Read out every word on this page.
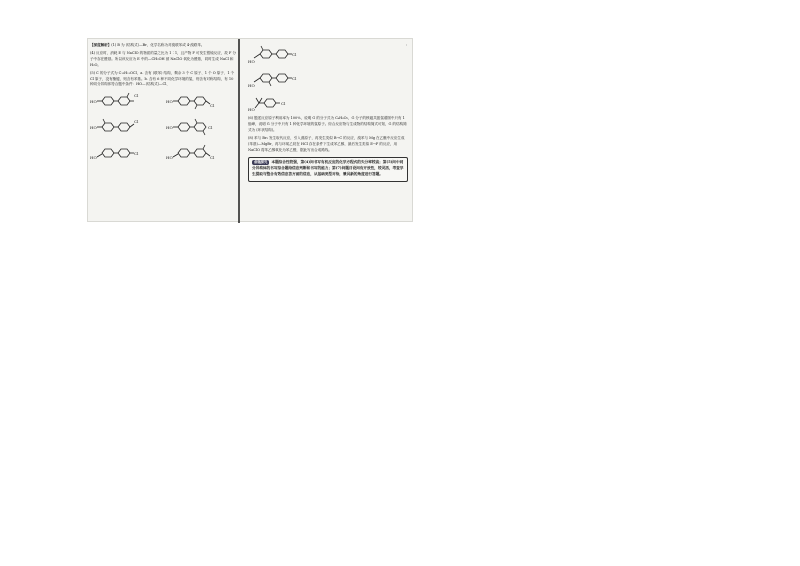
【深度解析】(1) B 为 ⟨结构式⟩—Br，化学名称为对溴联苯或 4-溴联苯。

(4) 反应时，消耗 E 与 NaClO 的物质的量之比为 1∶1，且产物 F 可发生银镜反应，故 F 分子中存在醛基。所以该反应为 E 中的—CH₂OH 被 NaClO 氧化为醛基，同时生成 NaCl 和 H₂O。

(5) C 的分子式为 C₁₃H₁₁OCl，a. 含有 ⟨联苯⟩ 结构，剩余 3 个 C 原子、1 个 O 原子、1 个 Cl 原子，没有酯键，则含有苯基。b. 含有 6 种不同化学环境的氢，则含有对称结构，有 10 种同分异构体符合题中条件：HO—⟨结构式⟩—Cl、

HO
Cl
HO
Cl
HO
Cl
HO	Cl
HO
Cl
HO	Cl
Cl
HO
Cl
HO
HO
Cl

(6) 题述反应原子利用率为 100%，说明 G 的分子式为 C₆H₈O₂，G 分子的核磁共振氢谱图中只有 1 组峰，说明 G 分子中只有 1 种化学环境的氢原子。综合反应物与生成物的结构简式可知，G 的结构简式为 ⟨环状结构⟩。

(8) 苯与 Br₂ 发生取代反应，引入溴原子，再发生类似 B→C 的反应，溴苯与 Mg 在乙醚中反应生成 ⟨苯基⟩—MgBr，再与环氧乙烷在 HCl 存在条件下生成苯乙醇，最后发生类似 E→F 的反应，用 NaClO 将苯乙醇氧化为苯乙醛，据此写出合成路线。

命题探究 本题综合性较强，第(4)问书写有机反应的化学方程式的失分率较高；第(5)问中同分异构体的书写综合题给信息判断和书写的能力；第(7)问题目设问有开放性，较灵活，考查学生提取与整合有效信息答方面的信息，从基础类型对待，兼具新的角度进行答题。

'
